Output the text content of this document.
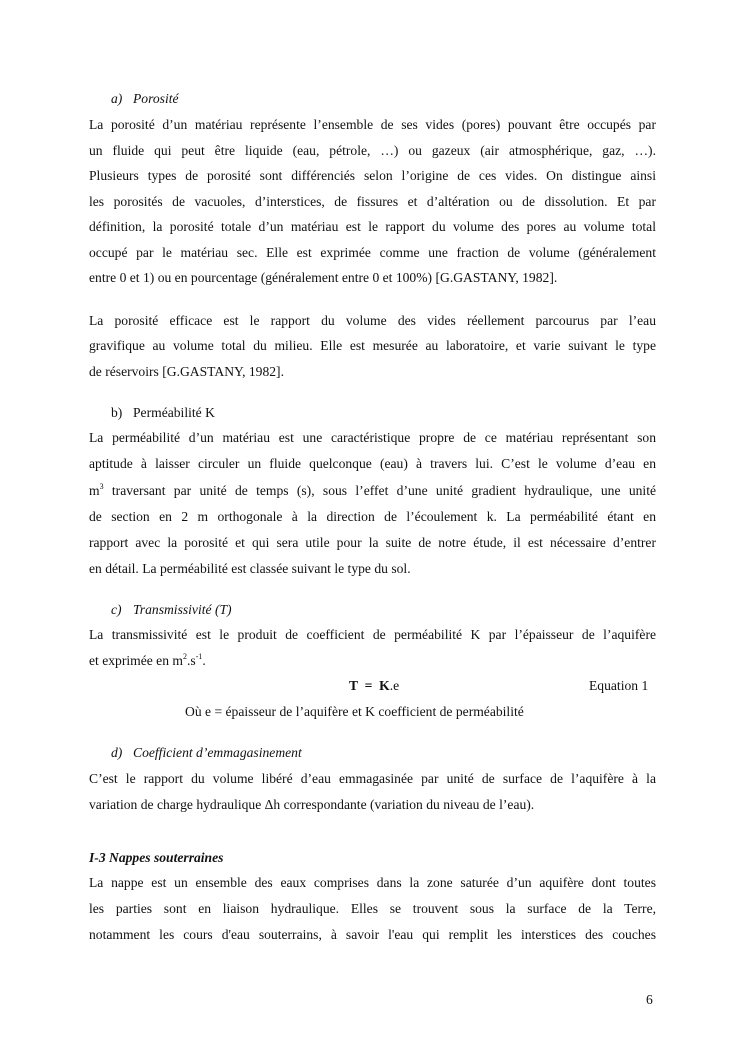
a) Porosité
La porosité d’un matériau représente l’ensemble de ses vides (pores) pouvant être occupés par
un fluide qui peut être liquide (eau, pétrole, …) ou gazeux (air atmosphérique, gaz, …).
Plusieurs types de porosité sont différenciés selon l’origine de ces vides. On distingue ainsi
les porosités de vacuoles, d’interstices, de fissures et d’altération ou de dissolution. Et par
définition, la porosité totale d’un matériau est le rapport du volume des pores au volume total
occupé par le matériau sec. Elle est exprimée comme une fraction de volume (généralement
entre 0 et 1) ou en pourcentage (généralement entre 0 et 100%) [G.GASTANY, 1982].
La porosité efficace est le rapport du volume des vides réellement parcourus par l’eau
gravifique au volume total du milieu. Elle est mesurée au laboratoire, et varie suivant le type
de réservoirs [G.GASTANY, 1982].
b) Perméabilité K
La perméabilité d’un matériau est une caractéristique propre de ce matériau représentant son
aptitude à laisser circuler un fluide quelconque (eau) à travers lui. C’est le volume d’eau en
$m^3$ traversant par unité de temps (s), sous l’effet d’une unité gradient hydraulique, une unité
de section en 2 m orthogonale à la direction de l’écoulement k. La perméabilité étant en
rapport avec la porosité et qui sera utile pour la suite de notre étude, il est nécessaire d’entrer
en détail. La perméabilité est classée suivant le type du sol.
c) Transmissivité (T)
La transmissivité est le produit de coefficient de perméabilité K par l’épaisseur de l’aquifère
et exprimée en $m^2.s^{-1}$.
T  =  K.e	Equation 1
Où e = épaisseur de l’aquifère et K coefficient de perméabilité
d) Coefficient d’emmagasinement
C’est le rapport du volume libéré d’eau emmagasinée par unité de surface de l’aquifère à la
variation de charge hydraulique Δh correspondante (variation du niveau de l’eau).
I-3 Nappes souterraines
La nappe est un ensemble des eaux comprises dans la zone saturée d’un aquifère dont toutes
les parties sont en liaison hydraulique. Elles se trouvent sous la surface de la Terre,
notamment les cours d'eau souterrains, à savoir l'eau qui remplit les interstices des couches
6
